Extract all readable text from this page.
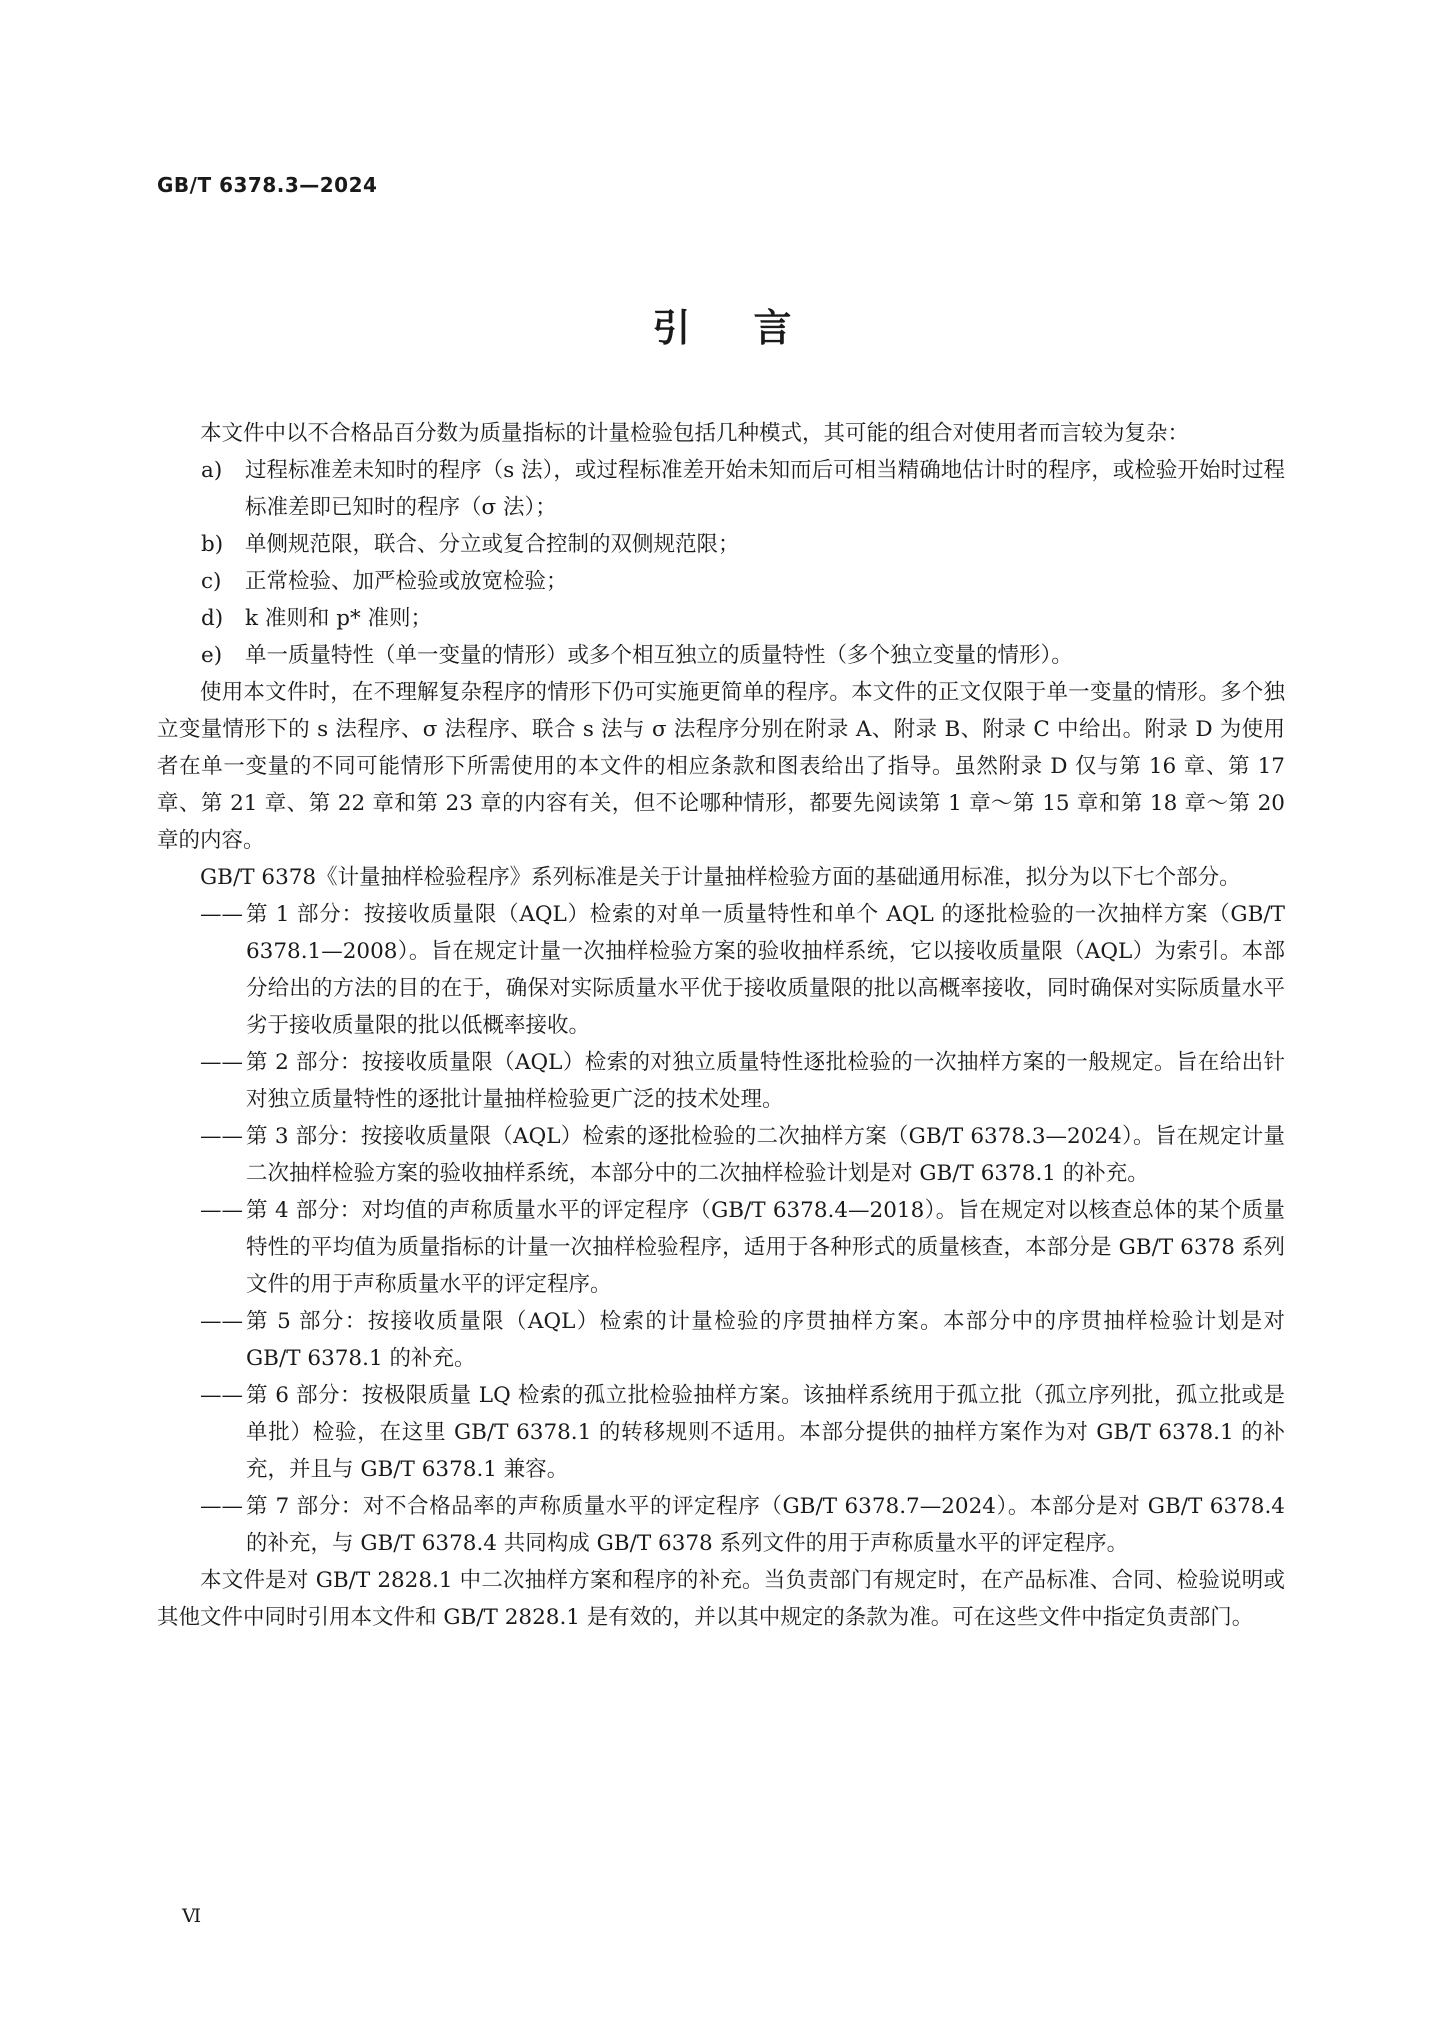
GB/T 6378.3—2024
引 言

本文件中以不合格品百分数为质量指标的计量检验包括几种模式，其可能的组合对使用者而言较为复杂：

a)	过程标准差未知时的程序（s 法），或过程标准差开始未知而后可相当精确地估计时的程序，或检验开始时过程标准差即已知时的程序（σ 法）；
b)	单侧规范限，联合、分立或复合控制的双侧规范限；
c)	正常检验、加严检验或放宽检验；
d)	k 准则和 p* 准则；
e)	单一质量特性（单一变量的情形）或多个相互独立的质量特性（多个独立变量的情形）。

使用本文件时，在不理解复杂程序的情形下仍可实施更简单的程序。本文件的正文仅限于单一变量的情形。多个独立变量情形下的 s 法程序、σ 法程序、联合 s 法与 σ 法程序分别在附录 A、附录 B、附录 C 中给出。附录 D 为使用者在单一变量的不同可能情形下所需使用的本文件的相应条款和图表给出了指导。虽然附录 D 仅与第 16 章、第 17 章、第 21 章、第 22 章和第 23 章的内容有关，但不论哪种情形，都要先阅读第 1 章～第 15 章和第 18 章～第 20 章的内容。

GB/T 6378《计量抽样检验程序》系列标准是关于计量抽样检验方面的基础通用标准，拟分为以下七个部分。

—— 第 1 部分：按接收质量限（AQL）检索的对单一质量特性和单个 AQL 的逐批检验的一次抽样方案（GB/T 6378.1—2008）。旨在规定计量一次抽样检验方案的验收抽样系统，它以接收质量限（AQL）为索引。本部分给出的方法的目的在于，确保对实际质量水平优于接收质量限的批以高概率接收，同时确保对实际质量水平劣于接收质量限的批以低概率接收。
—— 第 2 部分：按接收质量限（AQL）检索的对独立质量特性逐批检验的一次抽样方案的一般规定。旨在给出针对独立质量特性的逐批计量抽样检验更广泛的技术处理。
—— 第 3 部分：按接收质量限（AQL）检索的逐批检验的二次抽样方案（GB/T 6378.3—2024）。旨在规定计量二次抽样检验方案的验收抽样系统，本部分中的二次抽样检验计划是对 GB/T 6378.1 的补充。
—— 第 4 部分：对均值的声称质量水平的评定程序（GB/T 6378.4—2018）。旨在规定对以核查总体的某个质量特性的平均值为质量指标的计量一次抽样检验程序，适用于各种形式的质量核查，本部分是 GB/T 6378 系列文件的用于声称质量水平的评定程序。
—— 第 5 部分：按接收质量限（AQL）检索的计量检验的序贯抽样方案。本部分中的序贯抽样检验计划是对 GB/T 6378.1 的补充。
—— 第 6 部分：按极限质量 LQ 检索的孤立批检验抽样方案。该抽样系统用于孤立批（孤立序列批，孤立批或是单批）检验，在这里 GB/T 6378.1 的转移规则不适用。本部分提供的抽样方案作为对 GB/T 6378.1 的补充，并且与 GB/T 6378.1 兼容。
—— 第 7 部分：对不合格品率的声称质量水平的评定程序（GB/T 6378.7—2024）。本部分是对 GB/T 6378.4 的补充，与 GB/T 6378.4 共同构成 GB/T 6378 系列文件的用于声称质量水平的评定程序。

本文件是对 GB/T 2828.1 中二次抽样方案和程序的补充。当负责部门有规定时，在产品标准、合同、检验说明或其他文件中同时引用本文件和 GB/T 2828.1 是有效的，并以其中规定的条款为准。可在这些文件中指定负责部门。

Ⅵ
